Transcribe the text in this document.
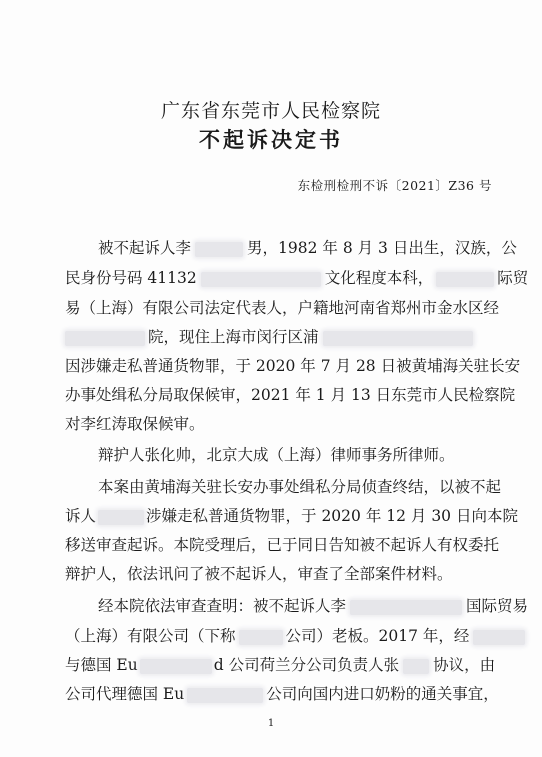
广东省东莞市人民检察院
不起诉决定书
东检刑检刑不诉〔2021〕Z36 号
被不起诉人李	男，1982 年 8 月 3 日出生，汉族，公
民身份号码 41132	文化程度本科，	际贸
易（上海）有限公司法定代表人，户籍地河南省郑州市金水区经
院，现住上海市闵行区浦
因涉嫌走私普通货物罪，于 2020 年 7 月 28 日被黄埔海关驻长安
办事处缉私分局取保候审，2021 年 1 月 13 日东莞市人民检察院
对李红涛取保候审。
辩护人张化帅，北京大成（上海）律师事务所律师。
本案由黄埔海关驻长安办事处缉私分局侦查终结，以被不起
诉人	涉嫌走私普通货物罪，于 2020 年 12 月 30 日向本院
移送审查起诉。本院受理后，已于同日告知被不起诉人有权委托
辩护人，依法讯问了被不起诉人，审查了全部案件材料。
经本院依法审查查明：被不起诉人李	国际贸易
（上海）有限公司（下称	公司）老板。2017 年，经
与德国 Eu	d 公司荷兰分公司负责人张 协议，由
公司代理德国 Eu	公司向国内进口奶粉的通关事宜，
1
